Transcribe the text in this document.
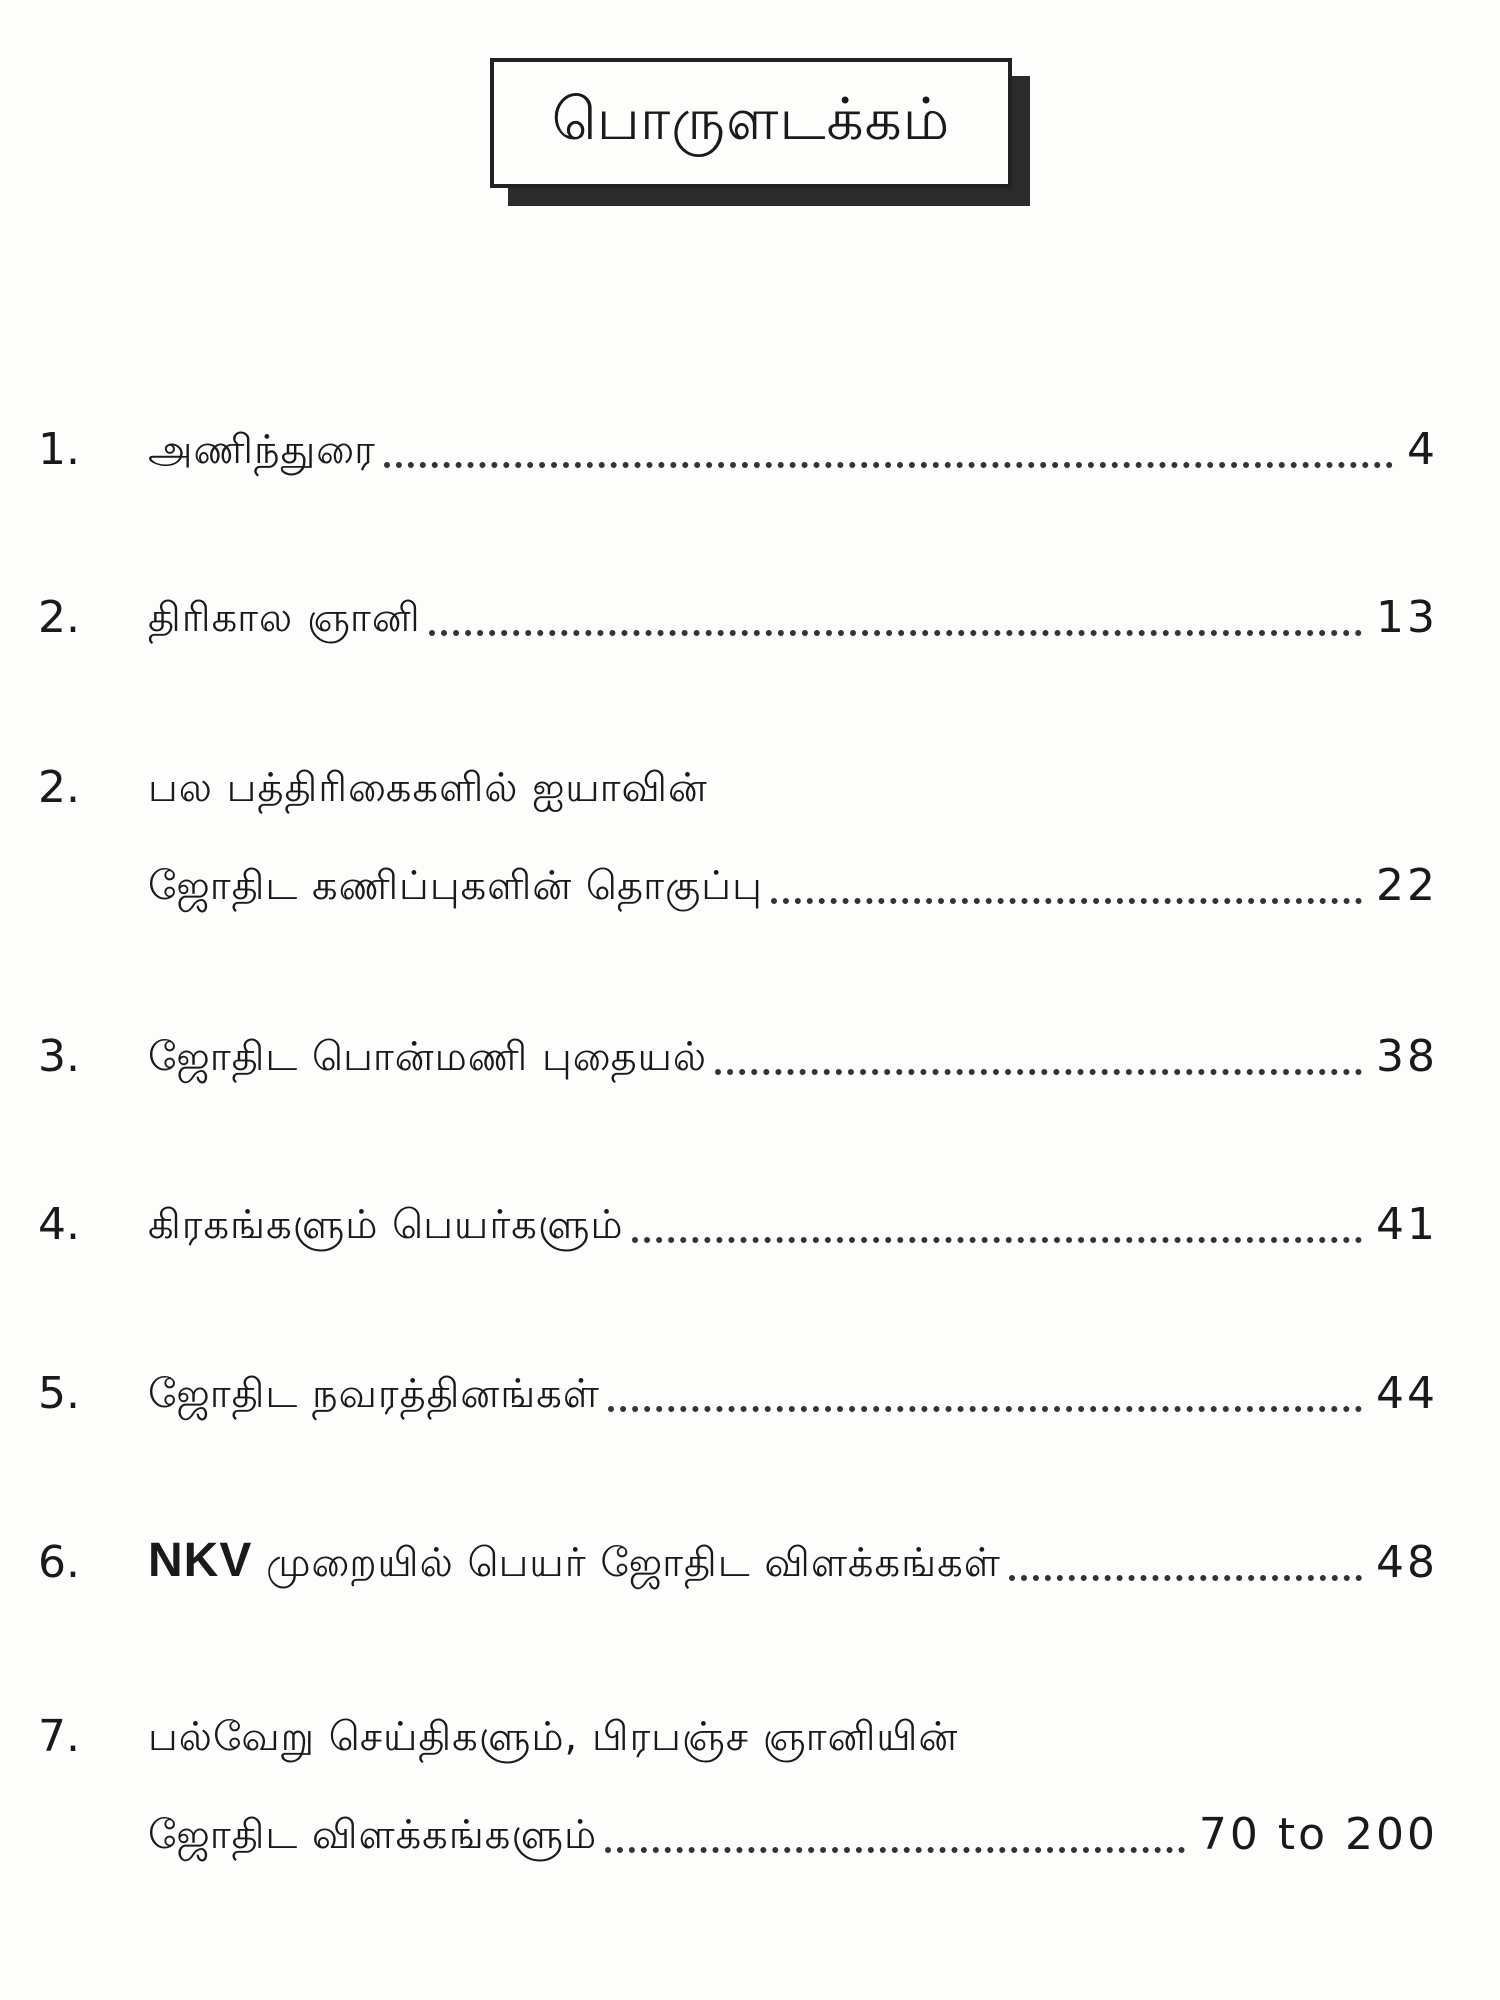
பொருளடக்கம்
1.	அணிந்துரை	4
2.	திரிகால ஞானி	13
2.	பல பத்திரிகைகளில் ஐயாவின்
ஜோதிட கணிப்புகளின் தொகுப்பு	22
3.	ஜோதிட பொன்மணி புதையல்	38
4.	கிரகங்களும் பெயர்களும்	41
5.	ஜோதிட நவரத்தினங்கள்	44
6.	NKV முறையில் பெயர் ஜோதிட விளக்கங்கள்	48
7.	பல்வேறு செய்திகளும், பிரபஞ்ச ஞானியின்
ஜோதிட விளக்கங்களும்	70 to 200
